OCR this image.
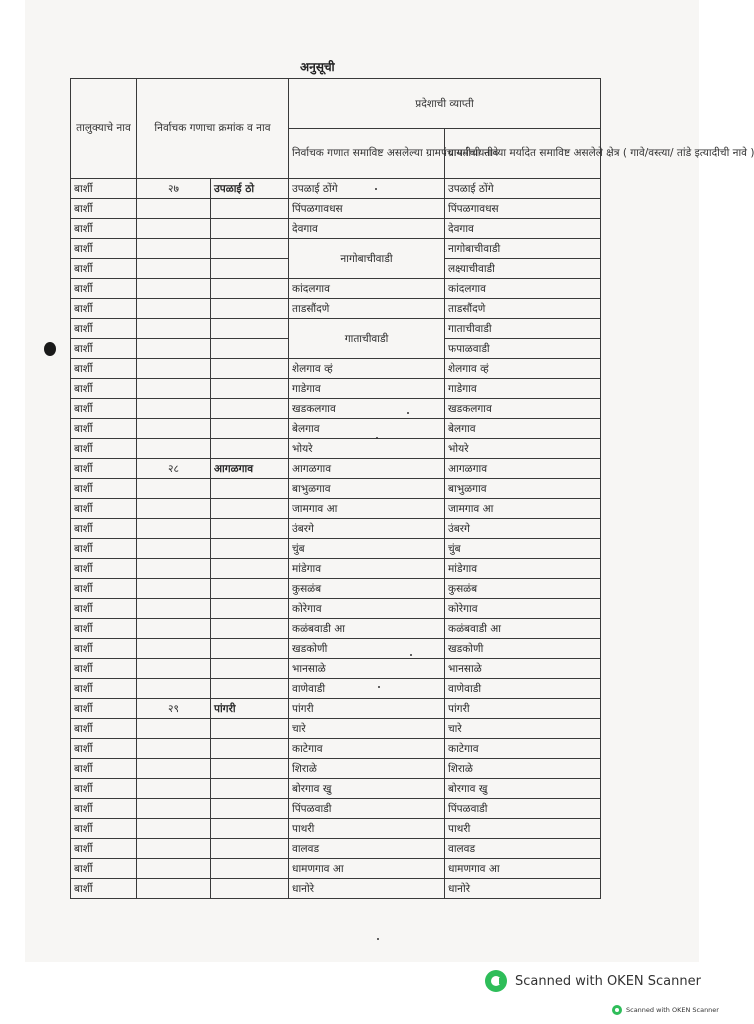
अनुसूची
तालुक्याचे नाव	निर्वाचक गणाचा क्रमांक व नाव		प्रदेशाची व्याप्ती	
			निर्वाचक गणात समाविष्ट असलेल्या ग्रामपंचायतीची नावे	ग्रामपंचायतीच्या मर्यादेत समाविष्ट असलेले क्षेत्र ( गावे/वस्त्या/ तांडे इत्यादीची नावे )
बार्शी	२७	उपळाई ठो	उपळाई ठोंगे	उपळाई ठोंगे
बार्शी			पिंपळगावधस	पिंपळगावधस
बार्शी			देवगाव	देवगाव
बार्शी			नागोबाचीवाडी	नागोबाचीवाडी
बार्शी				लक्ष्याचीवाडी
बार्शी			कांदलगाव	कांदलगाव
बार्शी			ताडसौंदणे	ताडसौंदणे
बार्शी			गाताचीवाडी	गाताचीवाडी
बार्शी				फपाळवाडी
बार्शी			शेलगाव व्हं	शेलगाव व्हं
बार्शी			गाडेगाव	गाडेगाव
बार्शी			खडकलगाव	खडकलगाव
बार्शी			बेलगाव	बेलगाव
बार्शी			भोयरे	भोयरे
बार्शी	२८	आगळगाव	आगळगाव	आगळगाव
बार्शी			बाभुळगाव	बाभुळगाव
बार्शी			जामगाव आ	जामगाव आ
बार्शी			उंबरगे	उंबरगे
बार्शी			चुंब	चुंब
बार्शी			मांडेगाव	मांडेगाव
बार्शी			कुसळंब	कुसळंब
बार्शी			कोरेगाव	कोरेगाव
बार्शी			कळंबवाडी आ	कळंबवाडी आ
बार्शी			खडकोणी	खडकोणी
बार्शी			भानसाळे	भानसाळे
बार्शी			वाणेवाडी	वाणेवाडी
बार्शी	२९	पांगरी	पांगरी	पांगरी
बार्शी			चारे	चारे
बार्शी			काटेगाव	काटेगाव
बार्शी			शिराळे	शिराळे
बार्शी			बोरगाव खु	बोरगाव खु
बार्शी			पिंपळवाडी	पिंपळवाडी
बार्शी			पाथरी	पाथरी
बार्शी			वालवड	वालवड
बार्शी			धामणगाव आ	धामणगाव आ
बार्शी			धानोरे	धानोरे
Scanned with OKEN Scanner
Scanned with OKEN Scanner
